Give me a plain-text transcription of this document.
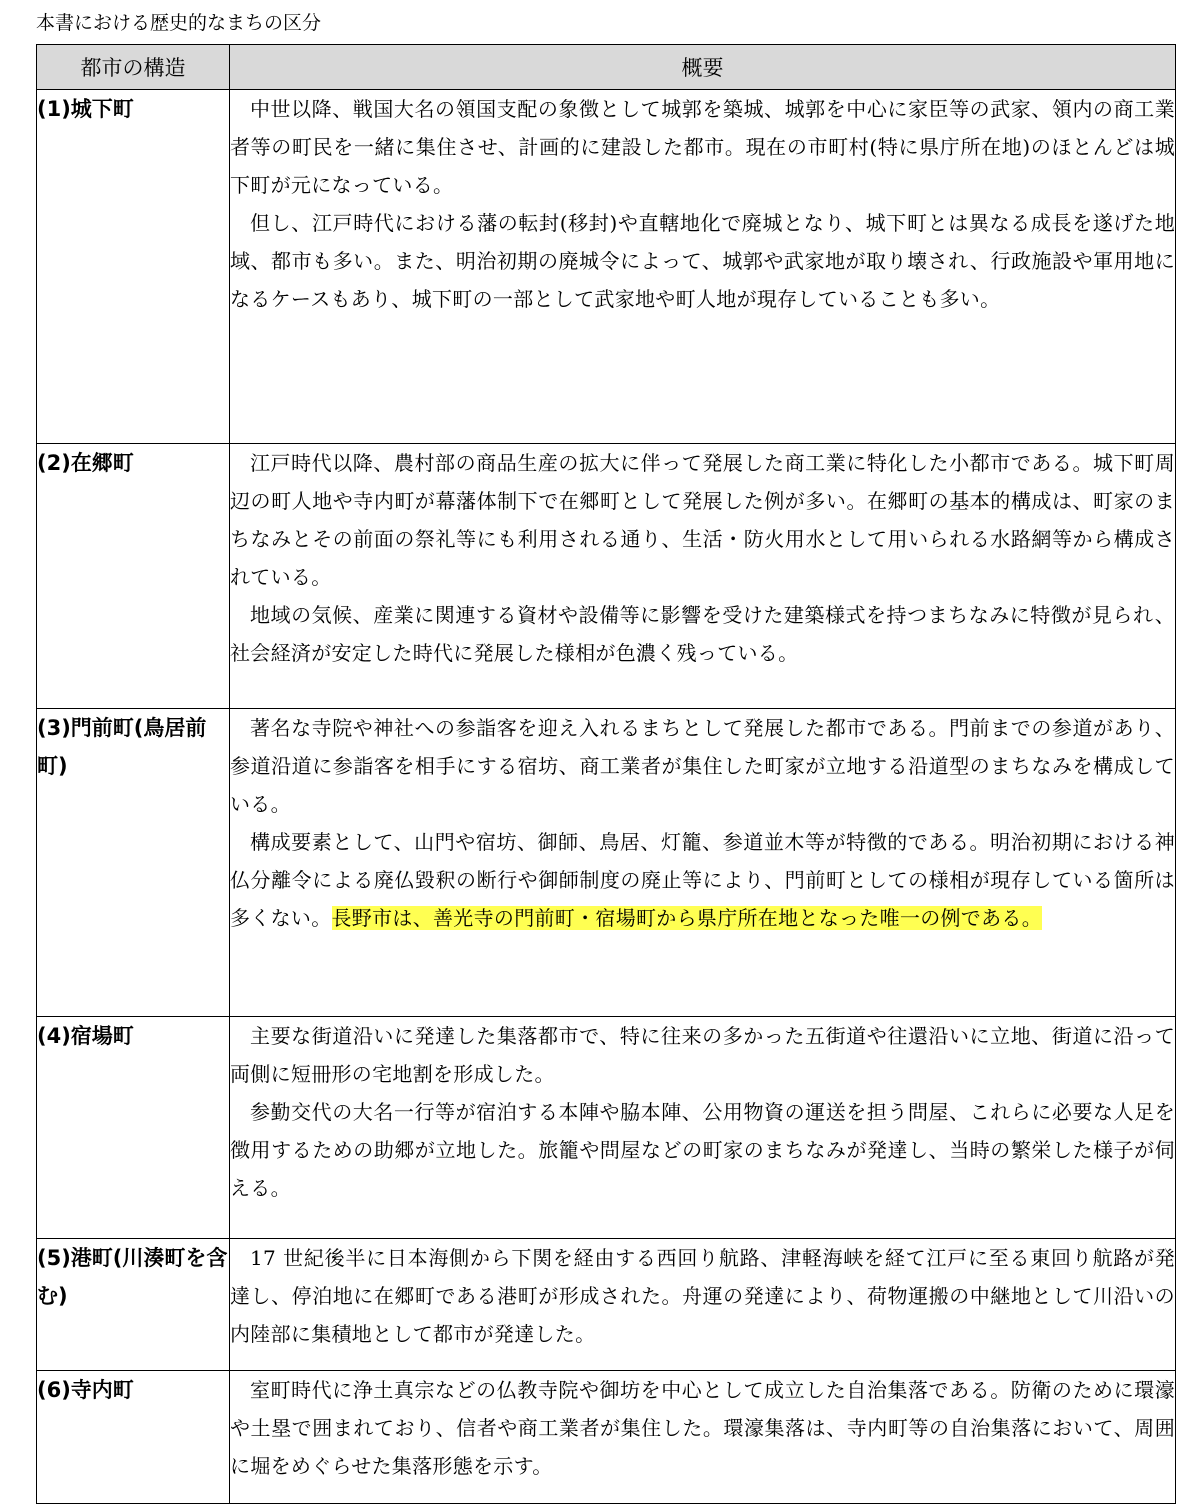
本書における歴史的なまちの区分
都市の構造	概要
(1)城下町	中世以降、戦国大名の領国支配の象徴として城郭を築城、城郭を中心に家臣等の武家、領内の商工業者等の町民を一緒に集住させ、計画的に建設した都市。現在の市町村(特に県庁所在地)のほとんどは城下町が元になっている。

但し、江戸時代における藩の転封(移封)や直轄地化で廃城となり、城下町とは異なる成長を遂げた地域、都市も多い。また、明治初期の廃城令によって、城郭や武家地が取り壊され、行政施設や軍用地になるケースもあり、城下町の一部として武家地や町人地が現存していることも多い。

(2)在郷町	江戸時代以降、農村部の商品生産の拡大に伴って発展した商工業に特化した小都市である。城下町周辺の町人地や寺内町が幕藩体制下で在郷町として発展した例が多い。在郷町の基本的構成は、町家のまちなみとその前面の祭礼等にも利用される通り、生活・防火用水として用いられる水路網等から構成されている。

地域の気候、産業に関連する資材や設備等に影響を受けた建築様式を持つまちなみに特徴が見られ、社会経済が安定した時代に発展した様相が色濃く残っている。

(3)門前町(鳥居前町)	著名な寺院や神社への参詣客を迎え入れるまちとして発展した都市である。門前までの参道があり、参道沿道に参詣客を相手にする宿坊、商工業者が集住した町家が立地する沿道型のまちなみを構成している。

構成要素として、山門や宿坊、御師、鳥居、灯籠、参道並木等が特徴的である。明治初期における神仏分離令による廃仏毀釈の断行や御師制度の廃止等により、門前町としての様相が現存している箇所は多くない。長野市は、善光寺の門前町・宿場町から県庁所在地となった唯一の例である。

(4)宿場町	主要な街道沿いに発達した集落都市で、特に往来の多かった五街道や往還沿いに立地、街道に沿って両側に短冊形の宅地割を形成した。

参勤交代の大名一行等が宿泊する本陣や脇本陣、公用物資の運送を担う問屋、これらに必要な人足を徴用するための助郷が立地した。旅籠や問屋などの町家のまちなみが発達し、当時の繁栄した様子が伺える。

(5)港町(川湊町を含む)	17 世紀後半に日本海側から下関を経由する西回り航路、津軽海峡を経て江戸に至る東回り航路が発達し、停泊地に在郷町である港町が形成された。舟運の発達により、荷物運搬の中継地として川沿いの内陸部に集積地として都市が発達した。

(6)寺内町	室町時代に浄土真宗などの仏教寺院や御坊を中心として成立した自治集落である。防衛のために環濠や土塁で囲まれており、信者や商工業者が集住した。環濠集落は、寺内町等の自治集落において、周囲に堀をめぐらせた集落形態を示す。
